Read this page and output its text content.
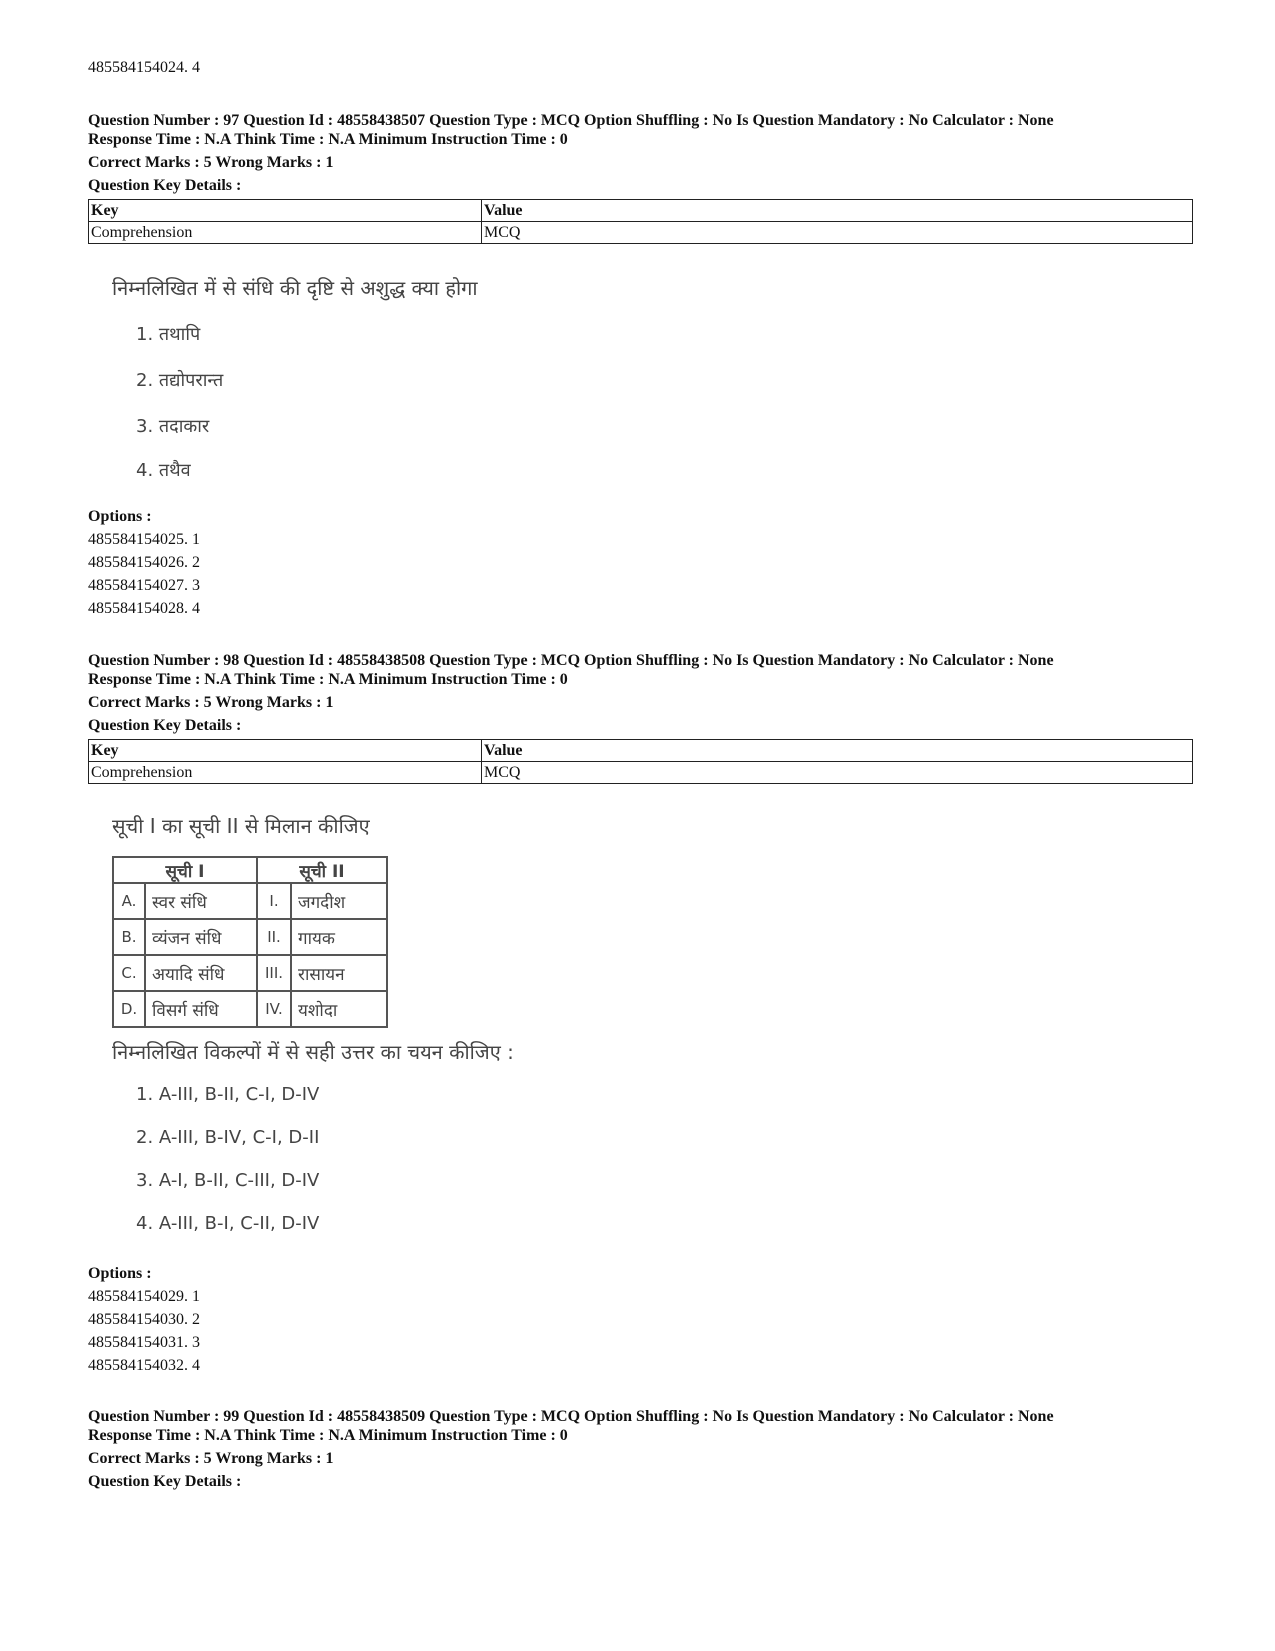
485584154024. 4
Question Number : 97 Question Id : 48558438507 Question Type : MCQ Option Shuffling : No Is Question Mandatory : No Calculator : None
Response Time : N.A Think Time : N.A Minimum Instruction Time : 0
Correct Marks : 5 Wrong Marks : 1
Question Key Details :
Key	Value
Comprehension	MCQ
निम्नलिखित में से संधि की दृष्टि से अशुद्ध क्या होगा
1. तथापि
2. तद्योपरान्त
3. तदाकार
4. तथैव
Options :
485584154025. 1
485584154026. 2
485584154027. 3
485584154028. 4
Question Number : 98 Question Id : 48558438508 Question Type : MCQ Option Shuffling : No Is Question Mandatory : No Calculator : None
Response Time : N.A Think Time : N.A Minimum Instruction Time : 0
Correct Marks : 5 Wrong Marks : 1
Question Key Details :
Key	Value
Comprehension	MCQ
सूची I का सूची II से मिलान कीजिए
सूची I		सूची II	
A.	स्वर संधि	I.	जगदीश
B.	व्यंजन संधि	II.	गायक
C.	अयादि संधि	III.	रासायन
D.	विसर्ग संधि	IV.	यशोदा
निम्नलिखित विकल्पों में से सही उत्तर का चयन कीजिए :
1. A-III, B-II, C-I, D-IV
2. A-III, B-IV, C-I, D-II
3. A-I, B-II, C-III, D-IV
4. A-III, B-I, C-II, D-IV
Options :
485584154029. 1
485584154030. 2
485584154031. 3
485584154032. 4
Question Number : 99 Question Id : 48558438509 Question Type : MCQ Option Shuffling : No Is Question Mandatory : No Calculator : None
Response Time : N.A Think Time : N.A Minimum Instruction Time : 0
Correct Marks : 5 Wrong Marks : 1
Question Key Details :
